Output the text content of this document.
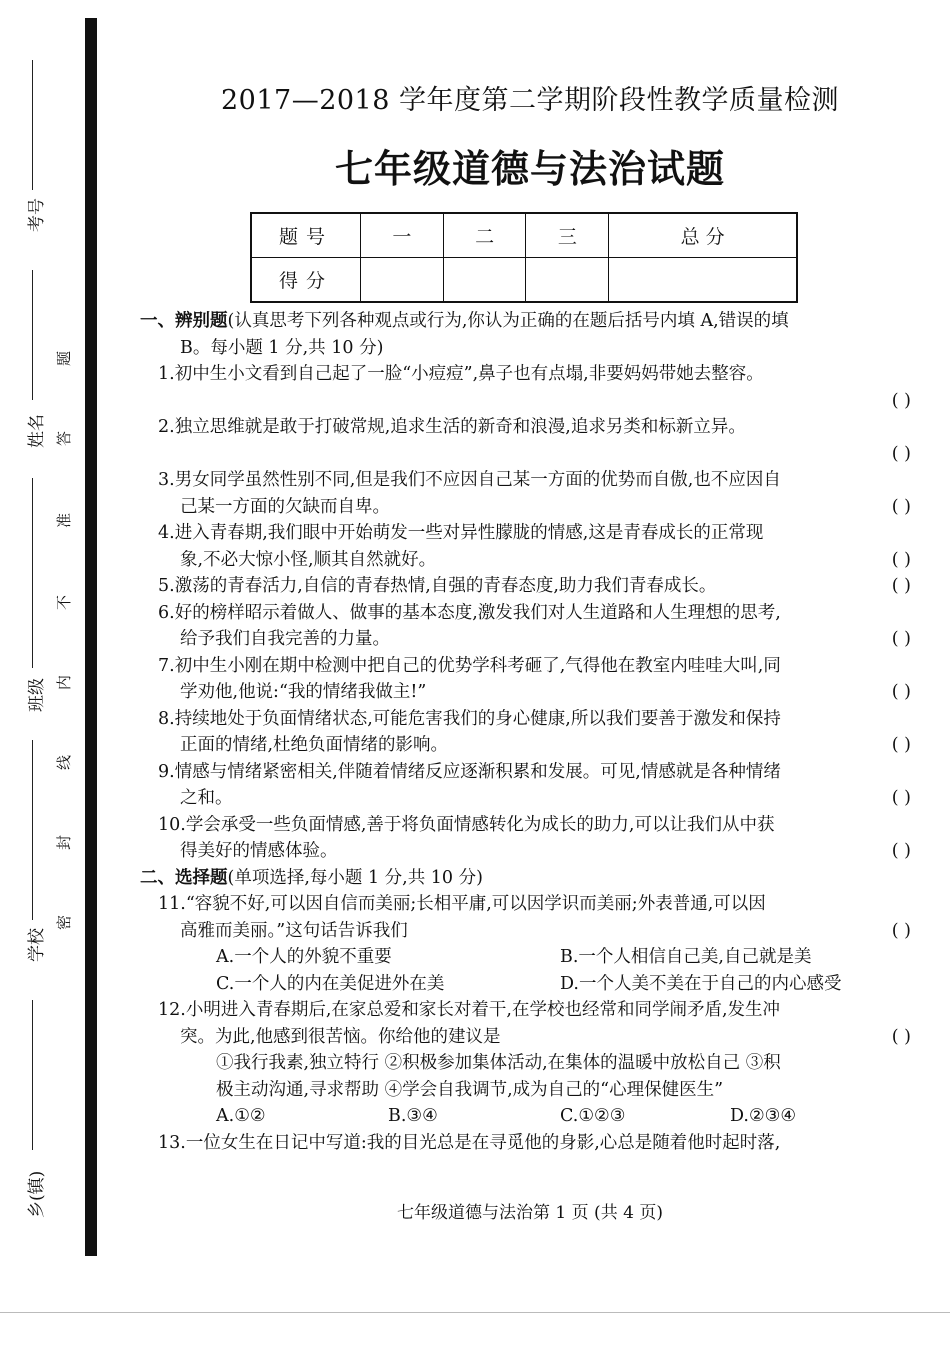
考号
姓名
班级
学校
乡(镇)
题
答
准
不
内
线
封
密
2017—2018 学年度第二学期阶段性教学质量检测
七年级道德与法治试题
题号	一	二	三	总 分
得分				
一、辨别题(认真思考下列各种观点或行为,你认为正确的在题后括号内填 A,错误的填
B。每小题 1 分,共 10 分)
1.初中生小文看到自己起了一脸“小痘痘”,鼻子也有点塌,非要妈妈带她去整容。
( )
2.独立思维就是敢于打破常规,追求生活的新奇和浪漫,追求另类和标新立异。
( )
3.男女同学虽然性别不同,但是我们不应因自己某一方面的优势而自傲,也不应因自
己某一方面的欠缺而自卑。	( )
4.进入青春期,我们眼中开始萌发一些对异性朦胧的情感,这是青春成长的正常现
象,不必大惊小怪,顺其自然就好。	( )
5.激荡的青春活力,自信的青春热情,自强的青春态度,助力我们青春成长。	( )
6.好的榜样昭示着做人、做事的基本态度,激发我们对人生道路和人生理想的思考,
给予我们自我完善的力量。	( )
7.初中生小刚在期中检测中把自己的优势学科考砸了,气得他在教室内哇哇大叫,同
学劝他,他说:“我的情绪我做主!”	( )
8.持续地处于负面情绪状态,可能危害我们的身心健康,所以我们要善于激发和保持
正面的情绪,杜绝负面情绪的影响。	( )
9.情感与情绪紧密相关,伴随着情绪反应逐渐积累和发展。可见,情感就是各种情绪
之和。	( )
10.学会承受一些负面情感,善于将负面情感转化为成长的助力,可以让我们从中获
得美好的情感体验。	( )
二、选择题(单项选择,每小题 1 分,共 10 分)
11.“容貌不好,可以因自信而美丽;长相平庸,可以因学识而美丽;外表普通,可以因
高雅而美丽。”这句话告诉我们	( )
A.一个人的外貌不重要	B.一个人相信自己美,自己就是美
C.一个人的内在美促进外在美	D.一个人美不美在于自己的内心感受
12.小明进入青春期后,在家总爱和家长对着干,在学校也经常和同学闹矛盾,发生冲
突。为此,他感到很苦恼。你给他的建议是	( )
①我行我素,独立特行 ②积极参加集体活动,在集体的温暖中放松自己 ③积
极主动沟通,寻求帮助 ④学会自我调节,成为自己的“心理保健医生”
A.①②	B.③④	C.①②③	D.②③④
13.一位女生在日记中写道:我的目光总是在寻觅他的身影,心总是随着他时起时落,
七年级道德与法治第 1 页 (共 4 页)
